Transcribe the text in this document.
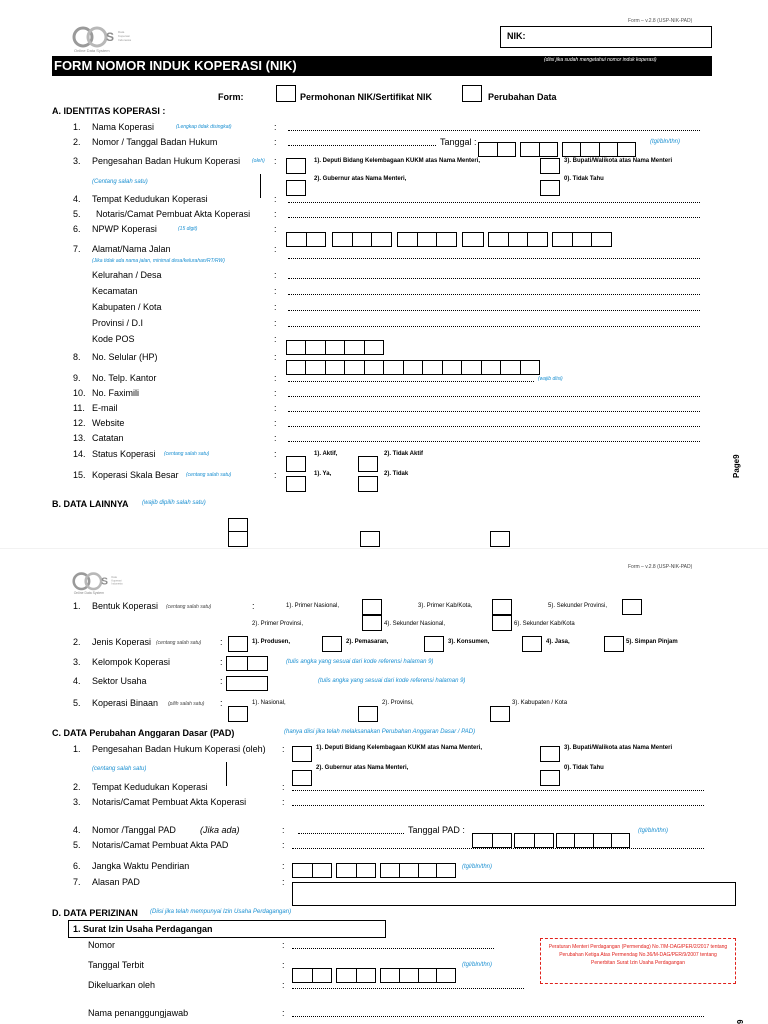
S Data
Koperasi
Indonesia
Online Data System
Form – v.2.8 (USP-NIK-PAD)
NIK:
FORM NOMOR INDUK KOPERASI (NIK)	(diisi jika sudah mengetahui nomor induk koperasi)
Form:	Permohonan NIK/Sertifikat NIK	Perubahan Data
A. IDENTITAS KOPERASI :
1. Nama Koperasi	(Lengkap tidak disingkat)	:
2. Nomor / Tanggal Badan Hukum	:	Tanggal :	(tgl/bln/thn)
3. Pengesahan Badan Hukum Koperasi (oleh)
(Centang salah satu)
:	1). Deputi Bidang Kelembagaan KUKM atas Nama Menteri,
2). Gubernur atas Nama Menteri,
3). Bupati/Walikota atas Nama Menteri
0). Tidak Tahu
4. Tempat Kedudukan Koperasi	:
5. Notaris/Camat Pembuat Akta Koperasi	:
6. NPWP Koperasi	(15 digit)	:
7. Alamat/Nama Jalan
(Jika tidak ada nama jalan, minimal desa/kelurahan/RT/RW)
:
Kelurahan / Desa	:
Kecamatan	:
Kabupaten / Kota	:
Provinsi / D.I	:
Kode POS	:
8. No. Selular (HP)	:
9. No. Telp. Kantor	:	(wajib diisi)
10. No. Faximili	:
11. E-mail	:
12. Website	:
13. Catatan	:
14. Status Koperasi (centang salah satu)	:	1). Aktif,	2). Tidak Aktif
15. Koperasi Skala Besar (centang salah satu)	:	1). Ya,	2). Tidak	Page9
B. DATA LAINNYA (wajib dipilih salah satu)
S Data
Koperasi
Indonesia
Online Data System
Form – v.2.8 (USP-NIK-PAD)
1. Bentuk Koperasi (centang salah satu)	:	1). Primer Nasional,
2). Primer Provinsi,
3). Primer Kab/Kota,
4). Sekunder Nasional,
5). Sekunder Provinsi,
6). Sekunder Kab/Kota
2. Jenis Koperasi (centang salah satu) :	1). Produsen,	2). Pemasaran,	3). Konsumen,	4). Jasa,	5). Simpan Pinjam
3. Kelompok Koperasi	:	(tulis angka yang sesuai dari kode referensi halaman 9)
4. Sektor Usaha	:	(tulis angka yang sesuai dari kode referensi halaman 9)
5. Koperasi Binaan (pilih salah satu) :	1). Nasional,	2). Provinsi,	3). Kabupaten / Kota
C. DATA Perubahan Anggaran Dasar (PAD)	(hanya diisi jika telah melaksanakan Perubahan Anggaran Dasar / PAD)
1. Pengesahan Badan Hukum Koperasi (oleh)
(centang salah satu)
:	1). Deputi Bidang Kelembagaan KUKM atas Nama Menteri,
2). Gubernur atas Nama Menteri,
3). Bupati/Walikota atas Nama Menteri
0). Tidak Tahu
2. Tempat Kedudukan Koperasi	:
3. Notaris/Camat Pembuat Akta Koperasi	:
4. Nomor /Tanggal PAD	(Jika ada)	:	Tanggal PAD :	(tgl/bln/thn)
5. Notaris/Camat Pembuat Akta PAD	:
6. Jangka Waktu Pendirian	:	(tgl/bln/thn)
7. Alasan PAD	:
D. DATA PERIZINAN (Diisi jika telah mempunyai Izin Usaha Perdagangan)
1. Surat Izin Usaha Perdagangan
Nomor	:
Tanggal Terbit	:	(tgl/bln/thn)
Dikeluarkan oleh	:
Nama penanggungjawab	:
Peraturan Menteri Perdagangan (Permendag) No.7/M-DAG/PER/2/2017 tentang Perubahan Ketiga Atas Permendag No.36/M-DAG/PER/9/2007 tentang Penerbitan Surat Izin Usaha Perdagangan
9
